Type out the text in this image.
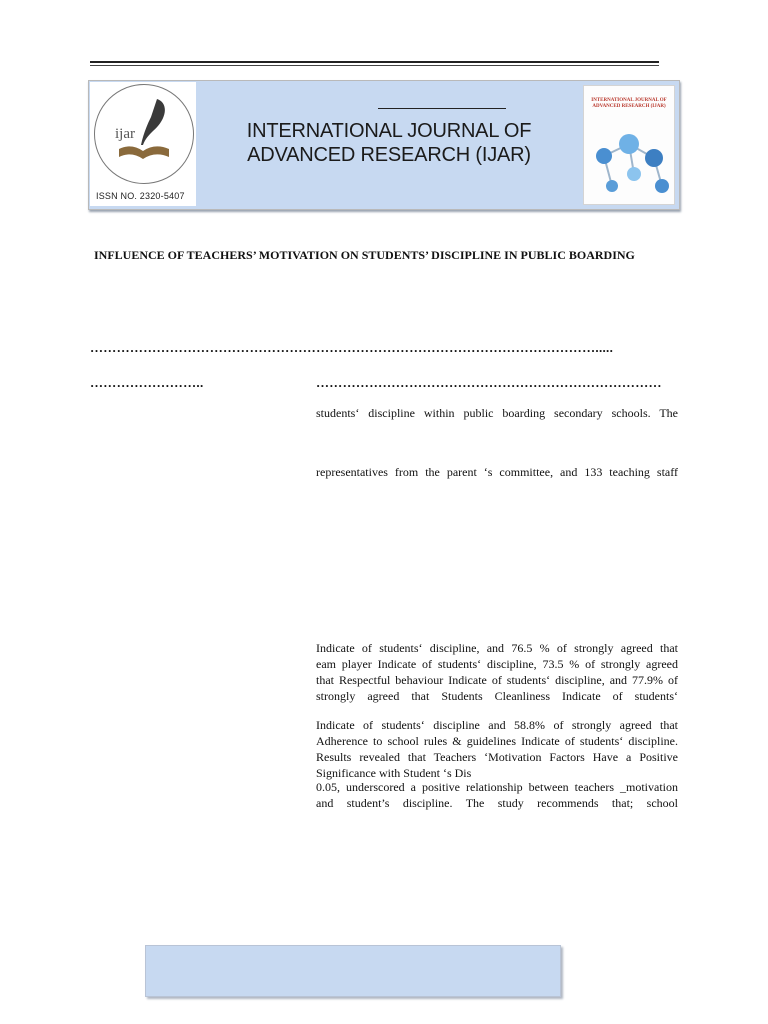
ijar
ISSN NO. 2320-5407
INTERNATIONAL JOURNAL OF
ADVANCED RESEARCH (IJAR)
INTERNATIONAL JOURNAL OF ADVANCED RESEARCH (IJAR)
INFLUENCE OF TEACHERS’ MOTIVATION ON STUDENTS’ DISCIPLINE IN PUBLIC BOARDING
…………………………………………………………………………………………………….....
……………………..	……………………………………………………………………
students‘ discipline within public boarding secondary schools. The
representatives from the parent ‘s committee, and 133 teaching staff
Indicate of students‘ discipline, and 76.5 % of strongly agreed that
eam player Indicate of students‘ discipline, 73.5 % of strongly agreed
that Respectful behaviour Indicate of students‘ discipline, and 77.9% of
strongly agreed that Students Cleanliness Indicate of students‘
Indicate of students‘ discipline and 58.8% of strongly agreed that
Adherence to school rules & guidelines Indicate of students‘ discipline.
Results revealed that Teachers ‘Motivation Factors Have a Positive
Significance with Student ‘s Dis
0.05, underscored a positive relationship between teachers _motivation
and student’s discipline. The study recommends that; school
